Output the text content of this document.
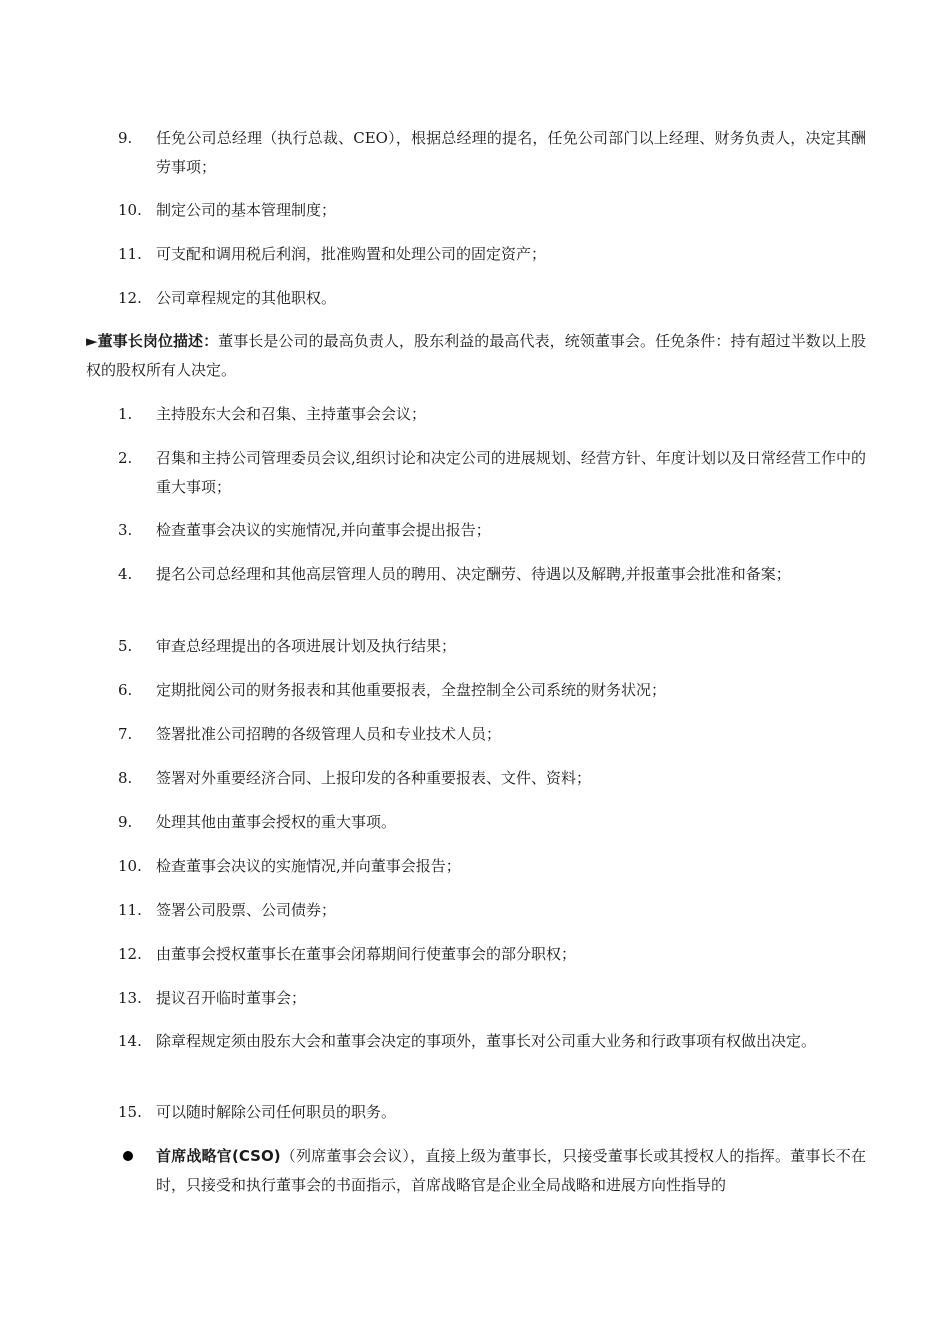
9.	任免公司总经理（执行总裁、CEO），根据总经理的提名，任免公司部门以上经理、财务负责人，决定其酬劳事项；
10. 制定公司的基本管理制度；
11. 可支配和调用税后利润，批准购置和处理公司的固定资产；
12. 公司章程规定的其他职权。
►董事长岗位描述：董事长是公司的最高负责人，股东利益的最高代表，统领董事会。任免条件：持有超过半数以上股权的股权所有人决定。
1.	主持股东大会和召集、主持董事会会议；
2.	召集和主持公司管理委员会议,组织讨论和决定公司的进展规划、经营方针、年度计划以及日常经营工作中的重大事项；
3.	检查董事会决议的实施情况,并向董事会提出报告；
4.	提名公司总经理和其他高层管理人员的聘用、决定酬劳、待遇以及解聘,并报董事会批准和备案；
5.	审查总经理提出的各项进展计划及执行结果；
6.	定期批阅公司的财务报表和其他重要报表，全盘控制全公司系统的财务状况；
7.	签署批准公司招聘的各级管理人员和专业技术人员；
8.	签署对外重要经济合同、上报印发的各种重要报表、文件、资料；
9.	处理其他由董事会授权的重大事项。
10. 检查董事会决议的实施情况,并向董事会报告；
11. 签署公司股票、公司债券；
12. 由董事会授权董事长在董事会闭幕期间行使董事会的部分职权；
13. 提议召开临时董事会；
14. 除章程规定须由股东大会和董事会决定的事项外，董事长对公司重大业务和行政事项有权做出决定。
15. 可以随时解除公司任何职员的职务。
首席战略官(CSO)（列席董事会会议），直接上级为董事长，只接受董事长或其授权人的指挥。董事长不在时，只接受和执行董事会的书面指示，首席战略官是企业全局战略和进展方向性指导的
